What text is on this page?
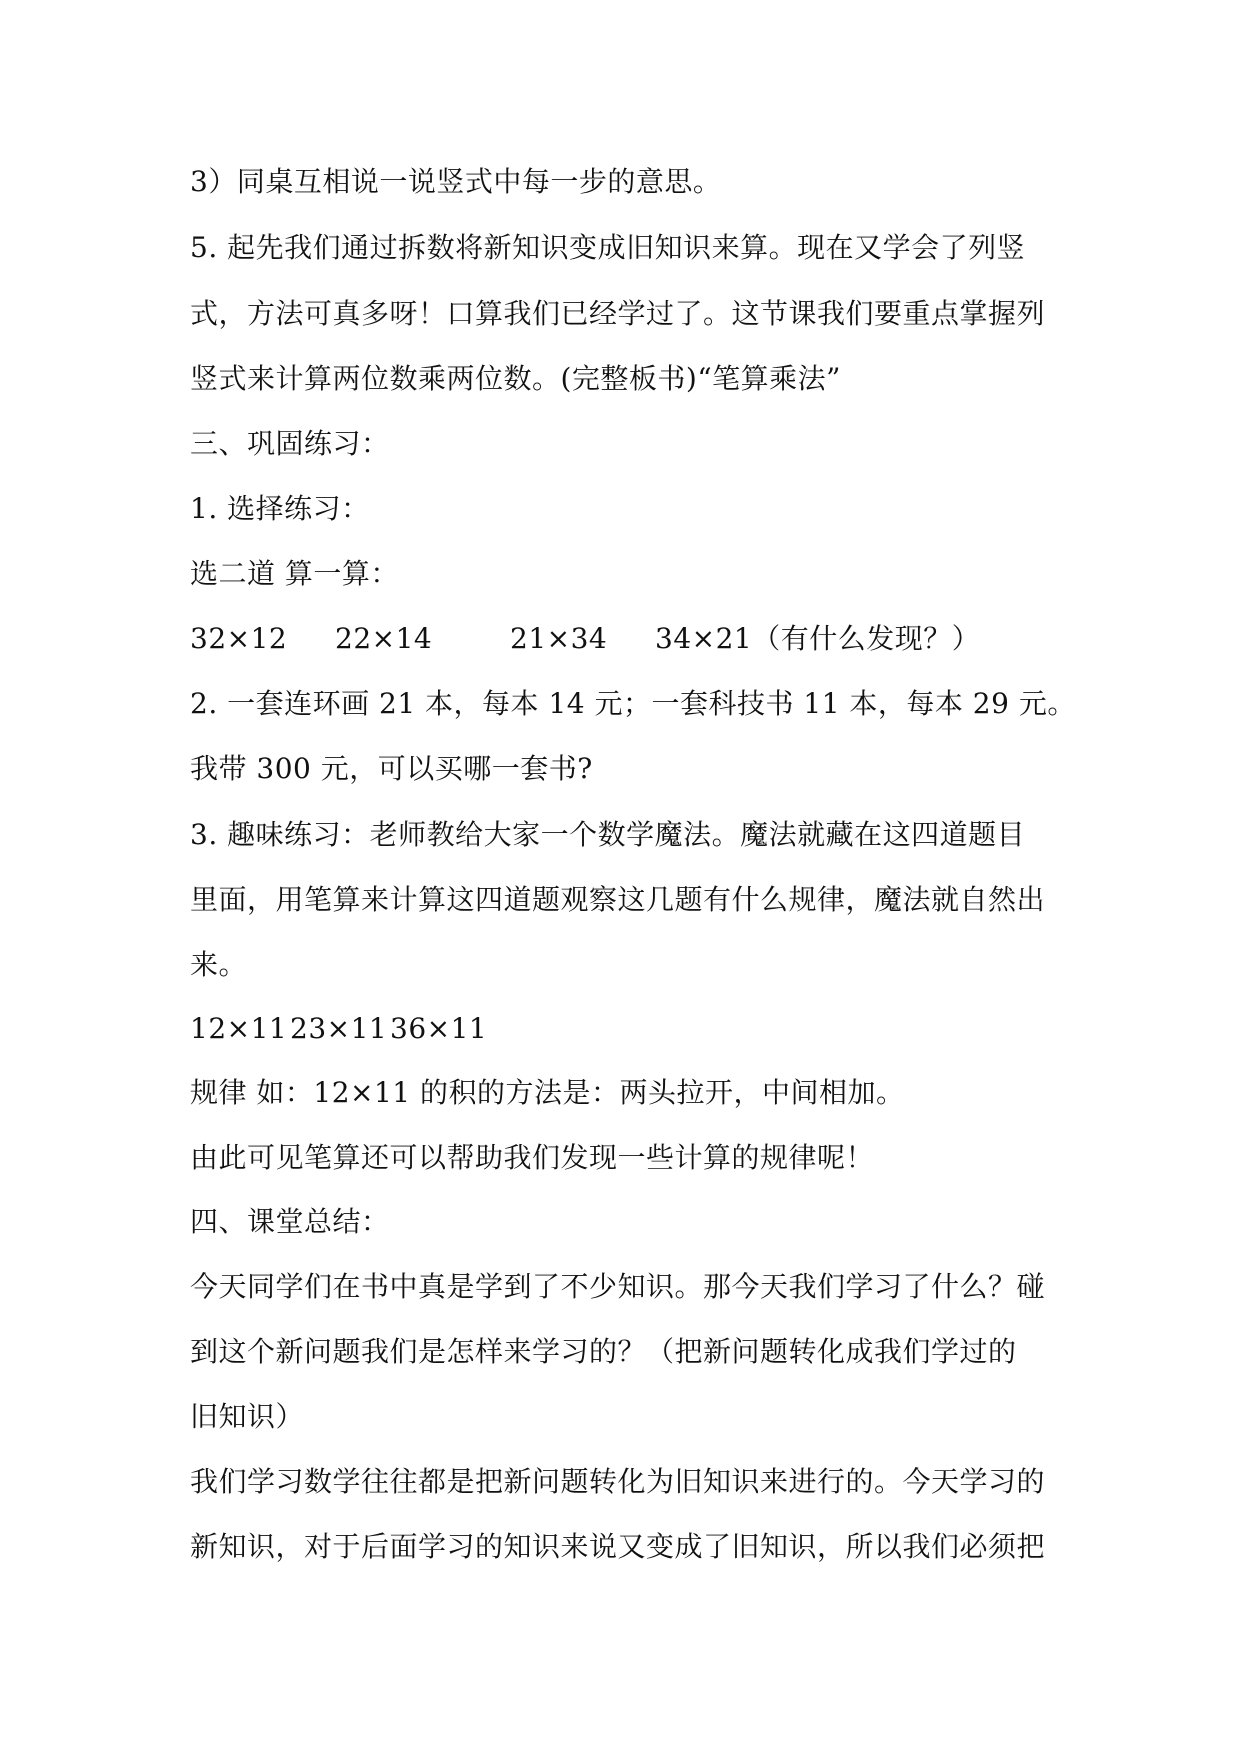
3）同桌互相说一说竖式中每一步的意思。
5. 起先我们通过拆数将新知识变成旧知识来算。现在又学会了列竖
式，方法可真多呀！口算我们已经学过了。这节课我们要重点掌握列
竖式来计算两位数乘两位数。(完整板书)“笔算乘法”
三、巩固练习：
1. 选择练习：
选二道 算一算：
32×12 22×14	21×34 34×21（有什么发现？）
2. 一套连环画 21 本，每本 14 元；一套科技书 11 本，每本 29 元。
我带 300 元，可以买哪一套书?
3. 趣味练习：老师教给大家一个数学魔法。魔法就藏在这四道题目
里面，用笔算来计算这四道题观察这几题有什么规律，魔法就自然出
来。
12×1123×1136×11
规律 如：12×11 的积的方法是：两头拉开，中间相加。
由此可见笔算还可以帮助我们发现一些计算的规律呢！
四、课堂总结：
今天同学们在书中真是学到了不少知识。那今天我们学习了什么？碰
到这个新问题我们是怎样来学习的？（把新问题转化成我们学过的
旧知识）
我们学习数学往往都是把新问题转化为旧知识来进行的。今天学习的
新知识，对于后面学习的知识来说又变成了旧知识，所以我们必须把
